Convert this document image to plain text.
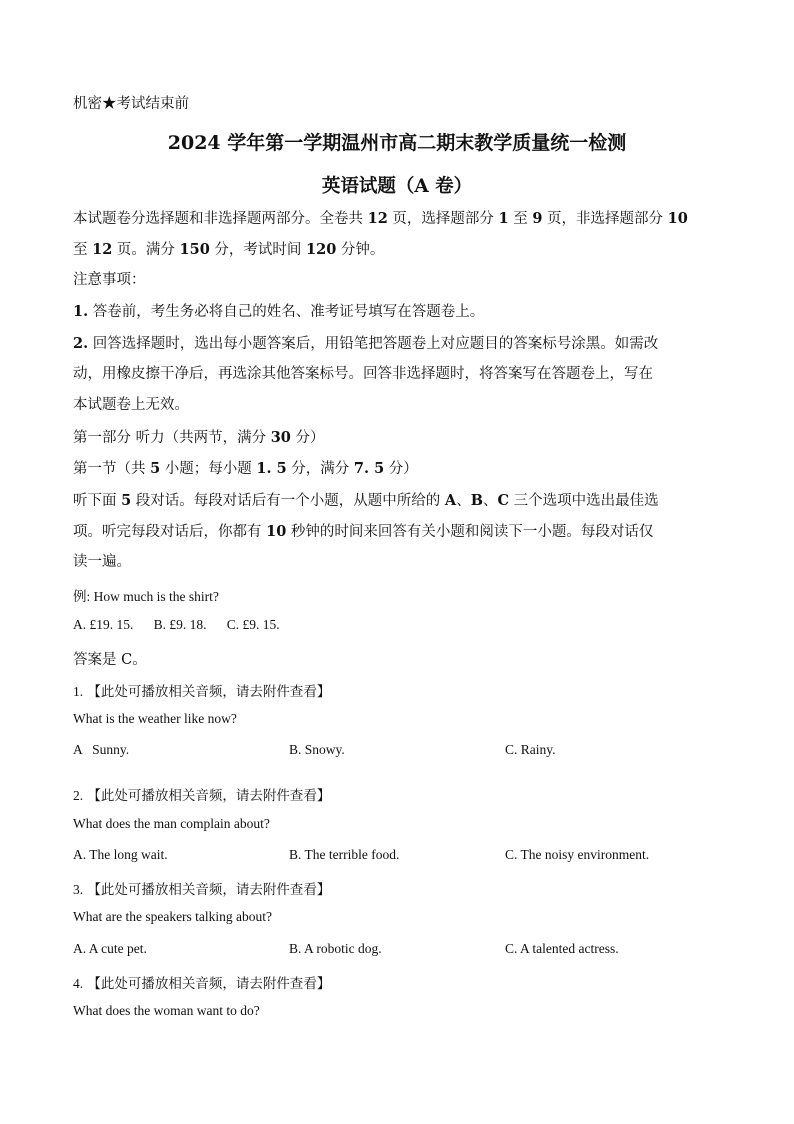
机密★考试结束前
2024 学年第一学期温州市高二期末教学质量统一检测
英语试题（A 卷）
本试题卷分选择题和非选择题两部分。全卷共 12 页，选择题部分 1 至 9 页，非选择题部分 10
至 12 页。满分 150 分，考试时间 120 分钟。
注意事项：
1. 答卷前，考生务必将自己的姓名、准考证号填写在答题卷上。
2. 回答选择题时，选出每小题答案后，用铅笔把答题卷上对应题目的答案标号涂黑。如需改
动，用橡皮擦干净后，再选涂其他答案标号。回答非选择题时，将答案写在答题卷上，写在
本试题卷上无效。
第一部分 听力（共两节，满分 30 分）
第一节（共 5 小题；每小题 1. 5 分，满分 7. 5 分）
听下面 5 段对话。每段对话后有一个小题，从题中所给的 A、B、C 三个选项中选出最佳选
项。听完每段对话后，你都有 10 秒钟的时间来回答有关小题和阅读下一小题。每段对话仅
读一遍。
例: How much is the shirt?
A. £19. 15.      B. £9. 18.      C. £9. 15.
答案是 C。
1. 【此处可播放相关音频，请去附件查看】
What is the weather like now?
A   Sunny.	B. Snowy.	C. Rainy.
2. 【此处可播放相关音频，请去附件查看】
What does the man complain about?
A. The long wait.	B. The terrible food.	C. The noisy environment.
3. 【此处可播放相关音频，请去附件查看】
What are the speakers talking about?
A. A cute pet.	B. A robotic dog.	C. A talented actress.
4. 【此处可播放相关音频，请去附件查看】
What does the woman want to do?
